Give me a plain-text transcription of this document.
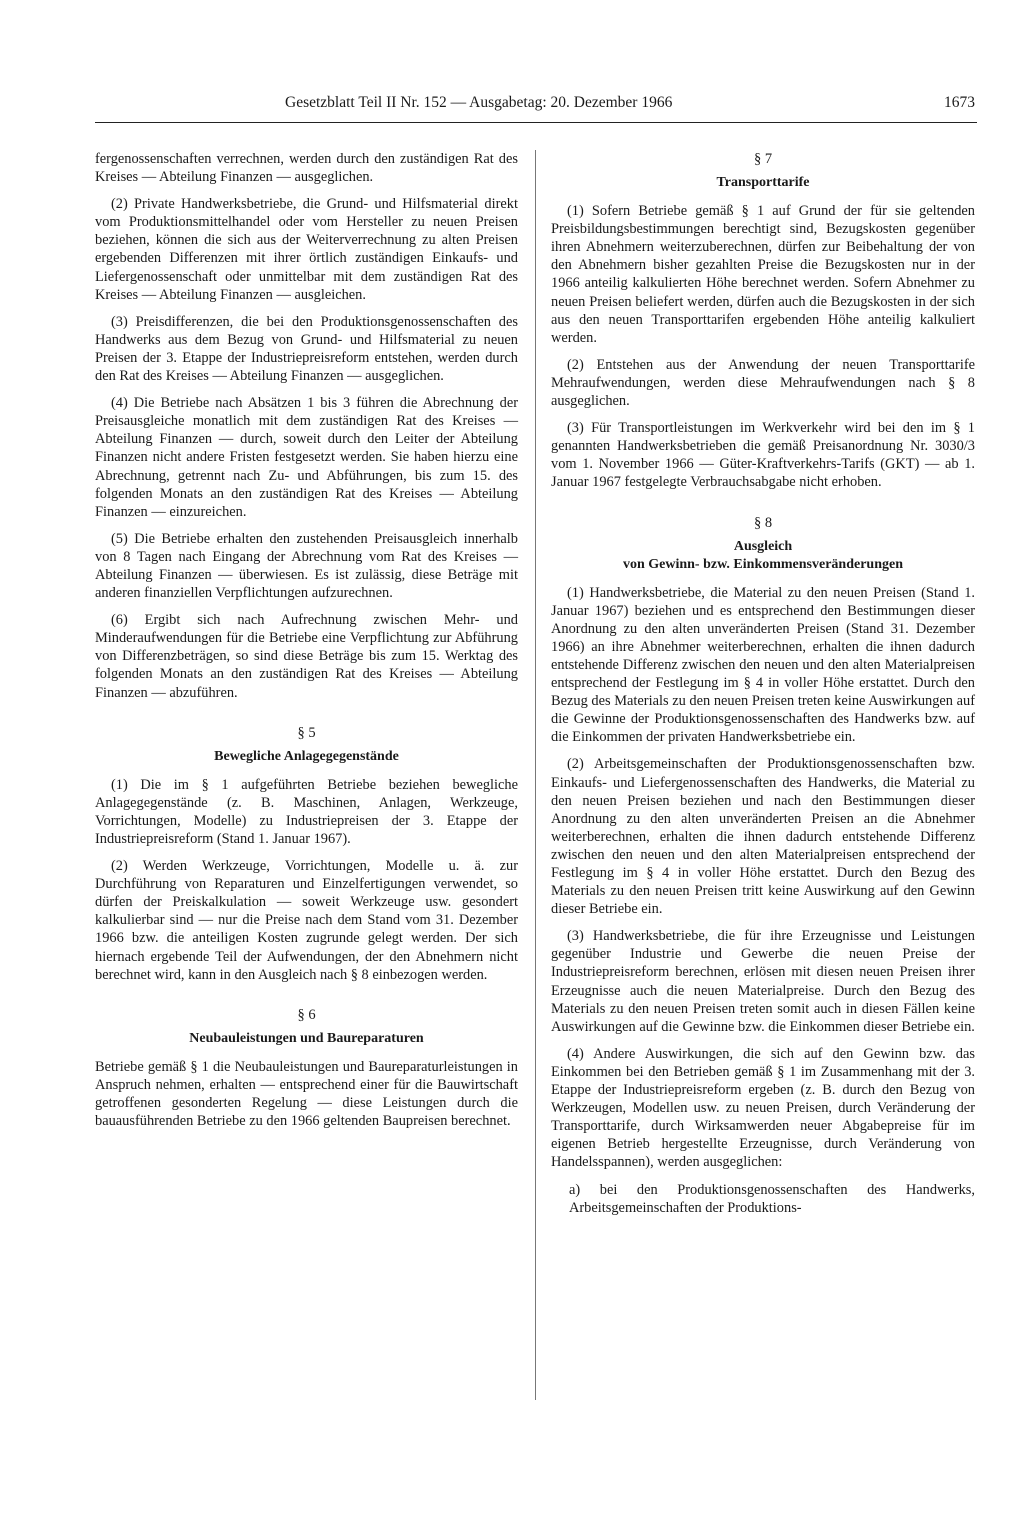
Gesetzblatt Teil II Nr. 152 — Ausgabetag: 20. Dezember 1966	1673

fergenossenschaften verrechnen, werden durch den zuständigen Rat des Kreises — Abteilung Finanzen — ausgeglichen.

(2) Private Handwerksbetriebe, die Grund- und Hilfsmaterial direkt vom Produktionsmittelhandel oder vom Hersteller zu neuen Preisen beziehen, können die sich aus der Weiterverrechnung zu alten Preisen ergebenden Differenzen mit ihrer örtlich zuständigen Einkaufs- und Liefergenossenschaft oder unmittelbar mit dem zuständigen Rat des Kreises — Abteilung Finanzen — ausgleichen.

(3) Preisdifferenzen, die bei den Produktionsgenossenschaften des Handwerks aus dem Bezug von Grund- und Hilfsmaterial zu neuen Preisen der 3. Etappe der Industriepreisreform entstehen, werden durch den Rat des Kreises — Abteilung Finanzen — ausgeglichen.

(4) Die Betriebe nach Absätzen 1 bis 3 führen die Abrechnung der Preisausgleiche monatlich mit dem zuständigen Rat des Kreises — Abteilung Finanzen — durch, soweit durch den Leiter der Abteilung Finanzen nicht andere Fristen festgesetzt werden. Sie haben hierzu eine Abrechnung, getrennt nach Zu- und Abführungen, bis zum 15. des folgenden Monats an den zuständigen Rat des Kreises — Abteilung Finanzen — einzureichen.

(5) Die Betriebe erhalten den zustehenden Preisausgleich innerhalb von 8 Tagen nach Eingang der Abrechnung vom Rat des Kreises — Abteilung Finanzen — überwiesen. Es ist zulässig, diese Beträge mit anderen finanziellen Verpflichtungen aufzurechnen.

(6) Ergibt sich nach Aufrechnung zwischen Mehr- und Minderaufwendungen für die Betriebe eine Verpflichtung zur Abführung von Differenzbeträgen, so sind diese Beträge bis zum 15. Werktag des folgenden Monats an den zuständigen Rat des Kreises — Abteilung Finanzen — abzuführen.

§ 5
Bewegliche Anlagegegenstände

(1) Die im § 1 aufgeführten Betriebe beziehen bewegliche Anlagegegenstände (z. B. Maschinen, Anlagen, Werkzeuge, Vorrichtungen, Modelle) zu Industriepreisen der 3. Etappe der Industriepreisreform (Stand 1. Januar 1967).

(2) Werden Werkzeuge, Vorrichtungen, Modelle u. ä. zur Durchführung von Reparaturen und Einzelfertigungen verwendet, so dürfen der Preiskalkulation — soweit Werkzeuge usw. gesondert kalkulierbar sind — nur die Preise nach dem Stand vom 31. Dezember 1966 bzw. die anteiligen Kosten zugrunde gelegt werden. Der sich hiernach ergebende Teil der Aufwendungen, der den Abnehmern nicht berechnet wird, kann in den Ausgleich nach § 8 einbezogen werden.

§ 6
Neubauleistungen und Baureparaturen

Betriebe gemäß § 1 die Neubauleistungen und Baureparaturleistungen in Anspruch nehmen, erhalten — entsprechend einer für die Bauwirtschaft getroffenen gesonderten Regelung — diese Leistungen durch die bauausführenden Betriebe zu den 1966 geltenden Baupreisen berechnet.

§ 7
Transporttarife

(1) Sofern Betriebe gemäß § 1 auf Grund der für sie geltenden Preisbildungsbestimmungen berechtigt sind, Bezugskosten gegenüber ihren Abnehmern weiterzuberechnen, dürfen zur Beibehaltung der von den Abnehmern bisher gezahlten Preise die Bezugskosten nur in der 1966 anteilig kalkulierten Höhe berechnet werden. Sofern Abnehmer zu neuen Preisen beliefert werden, dürfen auch die Bezugskosten in der sich aus den neuen Transporttarifen ergebenden Höhe anteilig kalkuliert werden.

(2) Entstehen aus der Anwendung der neuen Transporttarife Mehraufwendungen, werden diese Mehraufwendungen nach § 8 ausgeglichen.

(3) Für Transportleistungen im Werkverkehr wird bei den im § 1 genannten Handwerksbetrieben die gemäß Preisanordnung Nr. 3030/3 vom 1. November 1966 — Güter-Kraftverkehrs-Tarifs (GKT) — ab 1. Januar 1967 festgelegte Verbrauchsabgabe nicht erhoben.

§ 8
Ausgleich
von Gewinn- bzw. Einkommensveränderungen

(1) Handwerksbetriebe, die Material zu den neuen Preisen (Stand 1. Januar 1967) beziehen und es entsprechend den Bestimmungen dieser Anordnung zu den alten unveränderten Preisen (Stand 31. Dezember 1966) an ihre Abnehmer weiterberechnen, erhalten die ihnen dadurch entstehende Differenz zwischen den neuen und den alten Materialpreisen entsprechend der Festlegung im § 4 in voller Höhe erstattet. Durch den Bezug des Materials zu den neuen Preisen treten keine Auswirkungen auf die Gewinne der Produktionsgenossenschaften des Handwerks bzw. auf die Einkommen der privaten Handwerksbetriebe ein.

(2) Arbeitsgemeinschaften der Produktionsgenossenschaften bzw. Einkaufs- und Liefergenossenschaften des Handwerks, die Material zu den neuen Preisen beziehen und nach den Bestimmungen dieser Anordnung zu den alten unveränderten Preisen an die Abnehmer weiterberechnen, erhalten die ihnen dadurch entstehende Differenz zwischen den neuen und den alten Materialpreisen entsprechend der Festlegung im § 4 in voller Höhe erstattet. Durch den Bezug des Materials zu den neuen Preisen tritt keine Auswirkung auf den Gewinn dieser Betriebe ein.

(3) Handwerksbetriebe, die für ihre Erzeugnisse und Leistungen gegenüber Industrie und Gewerbe die neuen Preise der Industriepreisreform berechnen, erlösen mit diesen neuen Preisen ihrer Erzeugnisse auch die neuen Materialpreise. Durch den Bezug des Materials zu den neuen Preisen treten somit auch in diesen Fällen keine Auswirkungen auf die Gewinne bzw. die Einkommen dieser Betriebe ein.

(4) Andere Auswirkungen, die sich auf den Gewinn bzw. das Einkommen bei den Betrieben gemäß § 1 im Zusammenhang mit der 3. Etappe der Industriepreisreform ergeben (z. B. durch den Bezug von Werkzeugen, Modellen usw. zu neuen Preisen, durch Veränderung der Transporttarife, durch Wirksamwerden neuer Abgabepreise für im eigenen Betrieb hergestellte Erzeugnisse, durch Veränderung von Handelsspannen), werden ausgeglichen:

a) bei den Produktionsgenossenschaften des Handwerks, Arbeitsgemeinschaften der Produktions-
